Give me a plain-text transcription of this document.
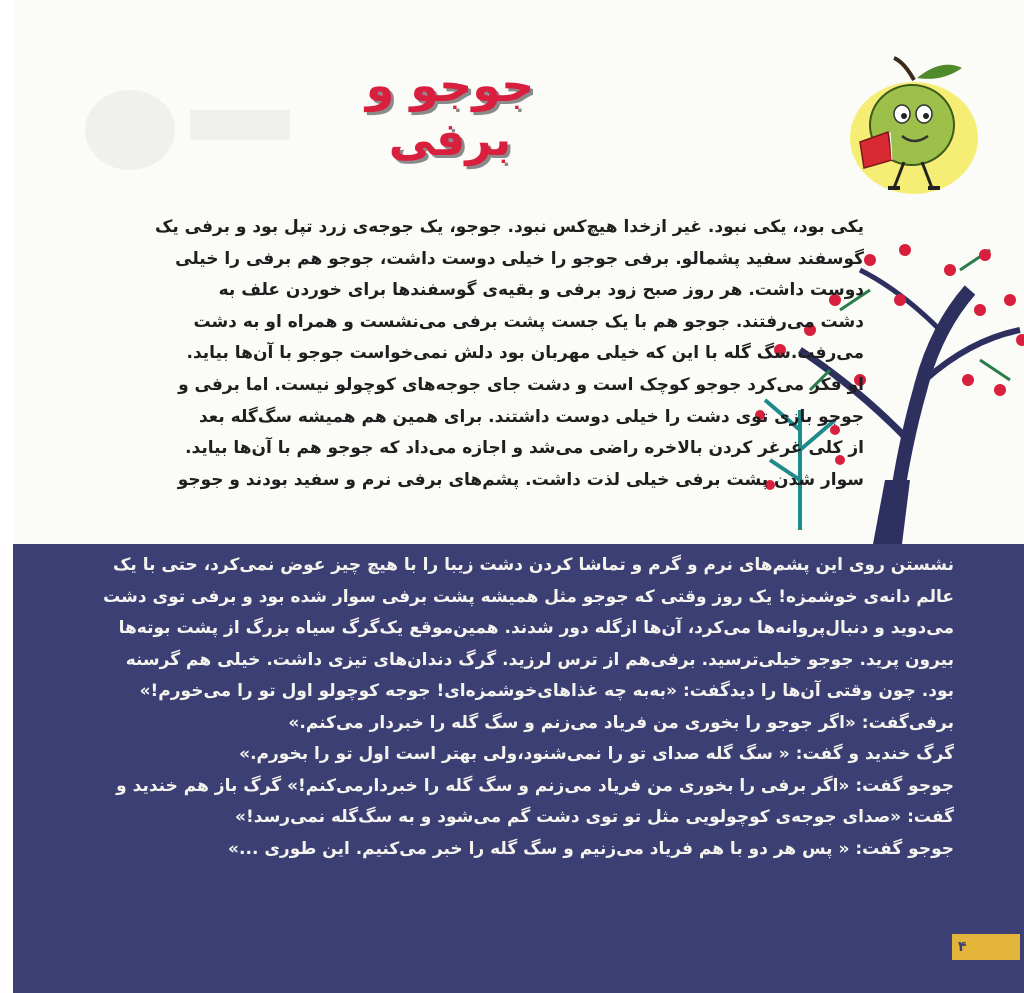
جوجو و برفی
یکی بود، یکی نبود. غیر ازخدا هیچ‌کس نبود. جوجو، یک جوجه‌ی زرد تپل بود و برفی یک
گوسفند سفید پشمالو. برفی جوجو را خیلی دوست داشت، جوجو هم برفی را خیلی
دوست داشت. هر روز صبح زود برفی و بقیه‌ی گوسفندها برای خوردن علف به
دشت می‌رفتند. جوجو هم با یک جست پشت برفی می‌نشست و همراه او به دشت
می‌رفت.سگ گله با این که خیلی مهربان بود دلش نمی‌خواست جوجو با آن‌ها بیاید.
او فکر می‌کرد جوجو کوچک است و دشت جای جوجه‌های کوچولو نیست. اما برفی و
جوجو بازی توی دشت را خیلی دوست داشتند. برای همین هم همیشه سگ‌گله بعد
از کلی غرغر کردن بالاخره راضی می‌شد و اجازه می‌داد که جوجو هم با آن‌ها بیاید.
سوار شدن پشت برفی خیلی لذت داشت. پشم‌های برفی نرم و سفید بودند و جوجو
نشستن روی این پشم‌های نرم و گرم و تماشا کردن دشت زیبا را با هیچ چیز عوض نمی‌کرد، حتی با یک
عالم دانه‌ی خوشمزه! یک روز وقتی که جوجو مثل همیشه پشت برفی سوار شده بود و برفی توی دشت
می‌دوید و دنبال‌پروانه‌ها می‌کرد، آن‌ها ازگله دور شدند. همین‌موقع یک‌گرگ سیاه بزرگ از پشت بوته‌ها
بیرون پرید. جوجو خیلی‌ترسید. برفی‌هم از ترس لرزید. گرگ دندان‌های تیزی داشت. خیلی هم گرسنه
بود. چون وقتی آن‌ها را دیدگفت: «به‌به چه غذاهای‌خوشمزه‌ای! جوجه کوچولو اول تو را می‌خورم!»
برفی‌گفت: «اگر جوجو را بخوری من فریاد می‌زنم و سگ گله را خبردار می‌کنم.»
گرگ خندید و گفت: « سگ گله صدای تو را نمی‌شنود،ولی بهتر است اول تو را بخورم.»
جوجو گفت: «اگر برفی را بخوری من فریاد می‌زنم و سگ گله را خبردارمی‌کنم!» گرگ باز هم خندید و
گفت: «صدای جوجه‌ی کوچولویی مثل تو توی دشت گم می‌شود و به سگ‌گله نمی‌رسد!»
جوجو گفت: « پس هر دو با هم فریاد می‌زنیم و سگ گله را خبر می‌کنیم. این طوری ...»
۴
